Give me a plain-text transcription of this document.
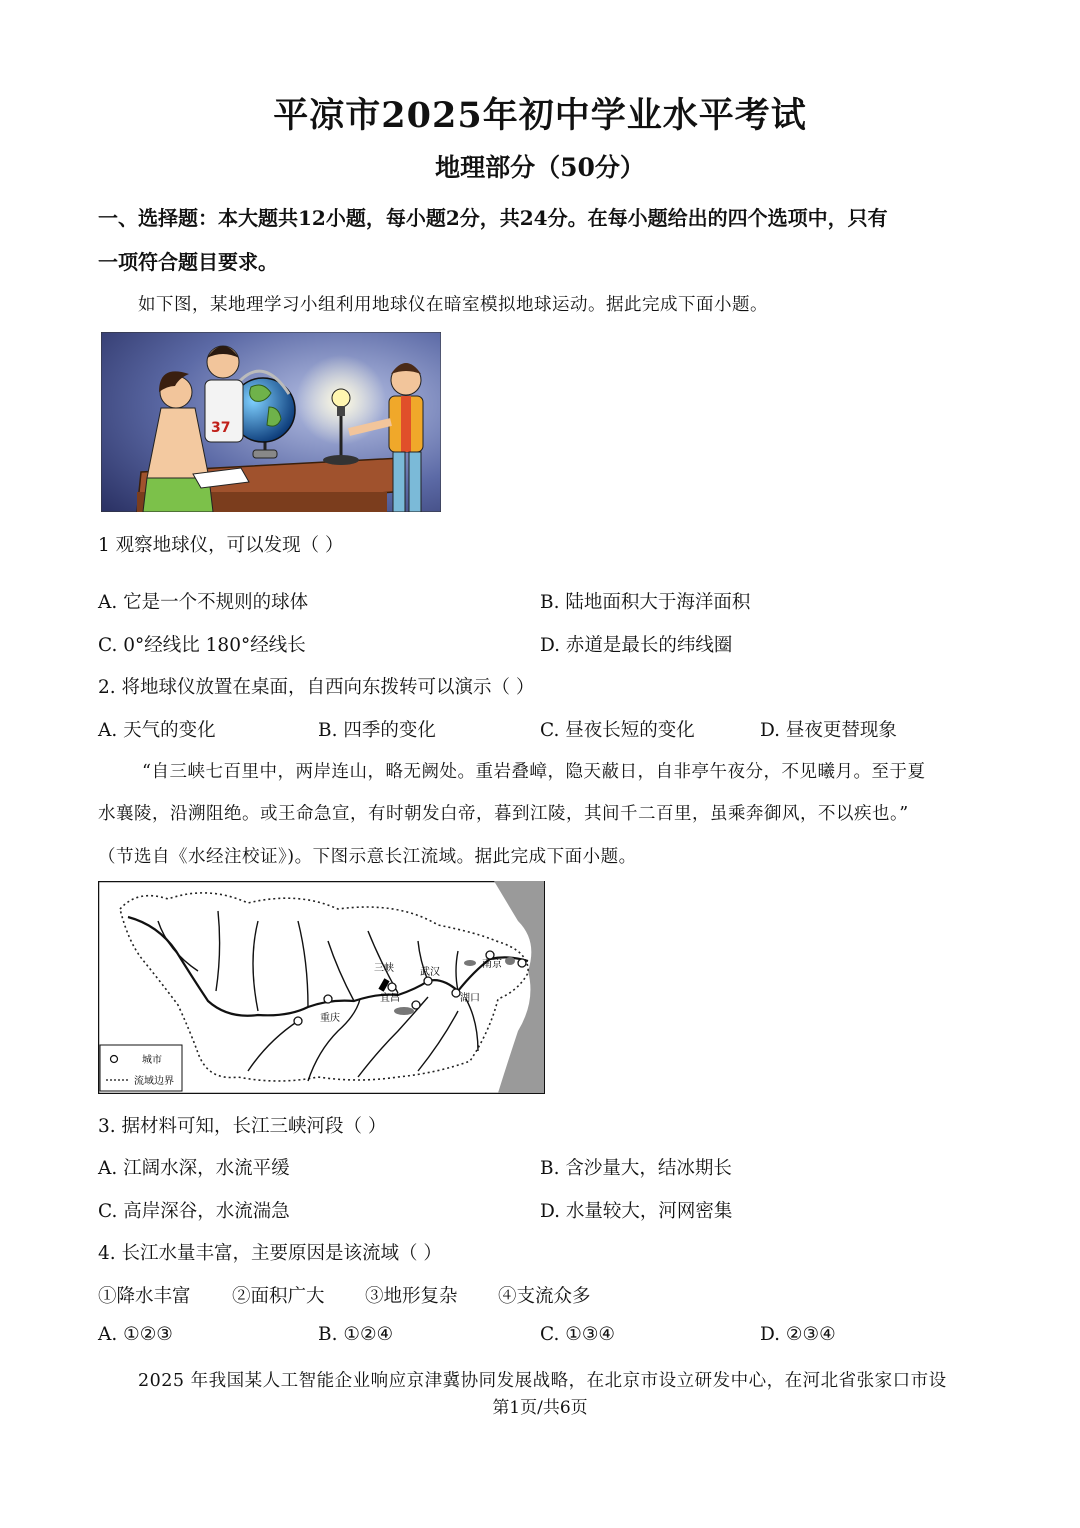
平凉市2025年初中学业水平考试
地理部分（50分）
一、选择题：本大题共12小题，每小题2分，共24分。在每小题给出的四个选项中，只有
一项符合题目要求。
如下图，某地理学习小组利用地球仪在暗室模拟地球运动。据此完成下面小题。
37
1 观察地球仪，可以发现（ ）
A. 它是一个不规则的球体	B. 陆地面积大于海洋面积
C. 0°经线比 180°经线长	D. 赤道是最长的纬线圈
2. 将地球仪放置在桌面，自西向东拨转可以演示（ ）
A. 天气的变化	B. 四季的变化	C. 昼夜长短的变化	D. 昼夜更替现象
“自三峡七百里中，两岸连山，略无阙处。重岩叠嶂，隐天蔽日，自非亭午夜分，不见曦月。至于夏
水襄陵，沿溯阻绝。或王命急宣，有时朝发白帝，暮到江陵，其间千二百里，虽乘奔御风，不以疾也。”
（节选自《水经注校证》)。下图示意长江流域。据此完成下面小题。
三峡	武汉
南京
宜昌	湖口
重庆
城市
流域边界
3. 据材料可知，长江三峡河段（ ）
A. 江阔水深，水流平缓	B. 含沙量大，结冰期长
C. 高岸深谷，水流湍急	D. 水量较大，河网密集
4. 长江水量丰富，主要原因是该流域（ ）
①降水丰富 ②面积广大 ③地形复杂 ④支流众多
A. ①②③	B. ①②④	C. ①③④	D. ②③④
2025 年我国某人工智能企业响应京津冀协同发展战略，在北京市设立研发中心，在河北省张家口市设
第1页/共6页
